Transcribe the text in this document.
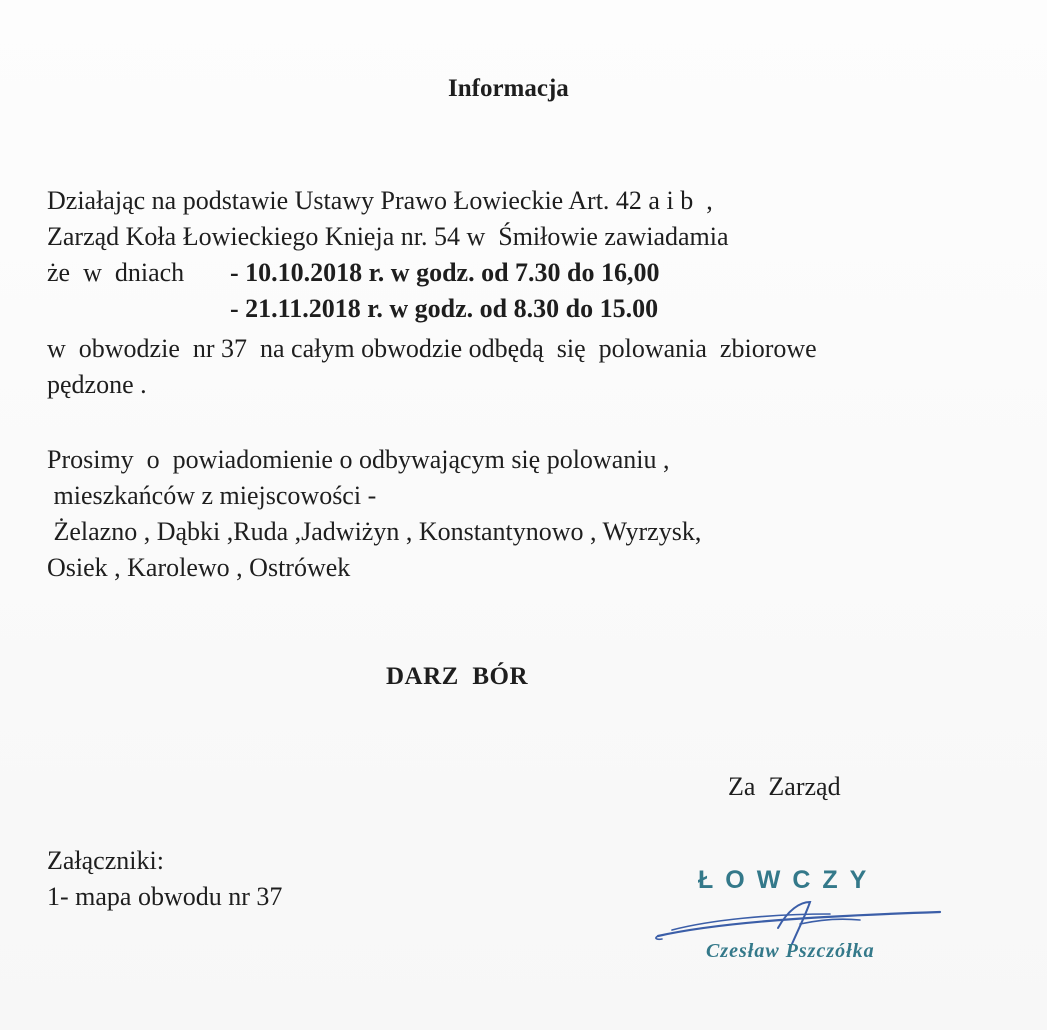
Informacja
Działając na podstawie Ustawy Prawo Łowieckie Art. 42 a i b  ,
Zarząd Koła Łowieckiego Knieja nr. 54 w  Śmiłowie zawiadamia
że  w  dniach - 10.10.2018 r. w godz. od 7.30 do 16,00
- 21.11.2018 r. w godz. od 8.30 do 15.00
w  obwodzie  nr 37  na całym obwodzie odbędą  się  polowania  zbiorowe
pędzone .
Prosimy  o  powiadomienie o odbywającym się polowaniu ,
mieszkańców z miejscowości -
Żelazno , Dąbki ,Ruda ,Jadwiżyn , Konstantynowo , Wyrzysk,
Osiek , Karolewo , Ostrówek
DARZ  BÓR
Za  Zarząd
Załączniki:
1- mapa obwodu nr 37
ŁOWCZY
Czesław Pszczółka
